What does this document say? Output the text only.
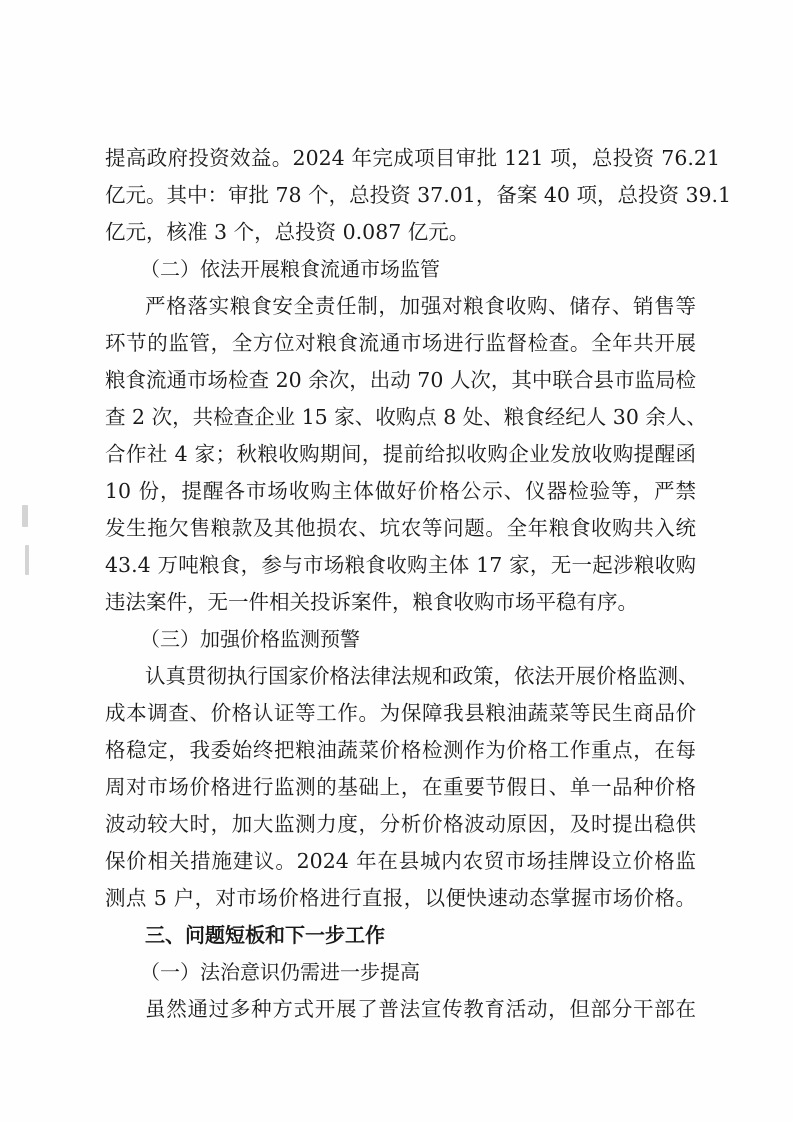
提高政府投资效益。2024 年完成项目审批 121 项，总投资 76.21
亿元。其中：审批 78 个，总投资 37.01，备案 40 项，总投资 39.1
亿元，核准 3 个，总投资 0.087 亿元。
（二）依法开展粮食流通市场监管
严格落实粮食安全责任制，加强对粮食收购、储存、销售等
环节的监管，全方位对粮食流通市场进行监督检查。全年共开展
粮食流通市场检查 20 余次，出动 70 人次，其中联合县市监局检
查 2 次，共检查企业 15 家、收购点 8 处、粮食经纪人 30 余人、
合作社 4 家；秋粮收购期间，提前给拟收购企业发放收购提醒函
10 份，提醒各市场收购主体做好价格公示、仪器检验等，严禁
发生拖欠售粮款及其他损农、坑农等问题。全年粮食收购共入统
43.4 万吨粮食，参与市场粮食收购主体 17 家，无一起涉粮收购
违法案件，无一件相关投诉案件，粮食收购市场平稳有序。
（三）加强价格监测预警
认真贯彻执行国家价格法律法规和政策，依法开展价格监测、
成本调查、价格认证等工作。为保障我县粮油蔬菜等民生商品价
格稳定，我委始终把粮油蔬菜价格检测作为价格工作重点，在每
周对市场价格进行监测的基础上，在重要节假日、单一品种价格
波动较大时，加大监测力度，分析价格波动原因，及时提出稳供
保价相关措施建议。2024 年在县城内农贸市场挂牌设立价格监
测点 5 户，对市场价格进行直报，以便快速动态掌握市场价格。
三、问题短板和下一步工作
（一）法治意识仍需进一步提高
虽然通过多种方式开展了普法宣传教育活动，但部分干部在
